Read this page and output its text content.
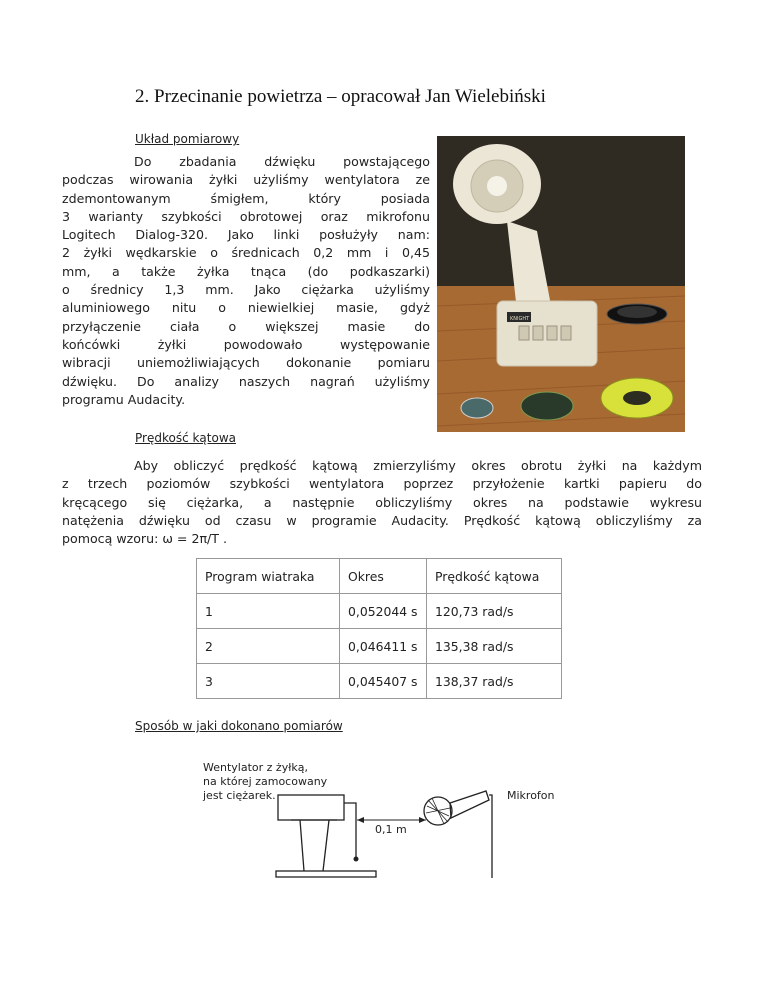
2. Przecinanie powietrza – opracował Jan Wielebiński
Układ pomiarowy
Do zbadania dźwięku powstającego
podczas wirowania żyłki użyliśmy wentylatora ze
zdemontowanym śmigłem, który posiada
3 warianty szybkości obrotowej oraz mikrofonu
Logitech Dialog-320. Jako linki posłużyły nam:
2 żyłki wędkarskie o średnicach 0,2 mm i 0,45
mm, a także żyłka tnąca (do podkaszarki)
o średnicy 1,3 mm. Jako ciężarka użyliśmy
aluminiowego nitu o niewielkiej masie, gdyż
przyłączenie ciała o większej masie do
końcówki żyłki powodowało występowanie
wibracji uniemożliwiających dokonanie pomiaru
dźwięku. Do analizy naszych nagrań użyliśmy
programu Audacity.
KNIGHT
Prędkość kątowa
Aby obliczyć prędkość kątową zmierzyliśmy okres obrotu żyłki na każdym
z trzech poziomów szybkości wentylatora poprzez przyłożenie kartki papieru do
kręcącego się ciężarka, a następnie obliczyliśmy okres na podstawie wykresu
natężenia dźwięku od czasu w programie Audacity. Prędkość kątową obliczyliśmy za
pomocą wzoru: ω = 2π/T .
Program wiatraka	Okres	Prędkość kątowa
1	0,052044 s	120,73 rad/s
2	0,046411 s	135,38 rad/s
3	0,045407 s	138,37 rad/s
Sposób w jaki dokonano pomiarów
Wentylator z żyłką,
na której zamocowany
jest ciężarek.
0,1 m
Mikrofon
